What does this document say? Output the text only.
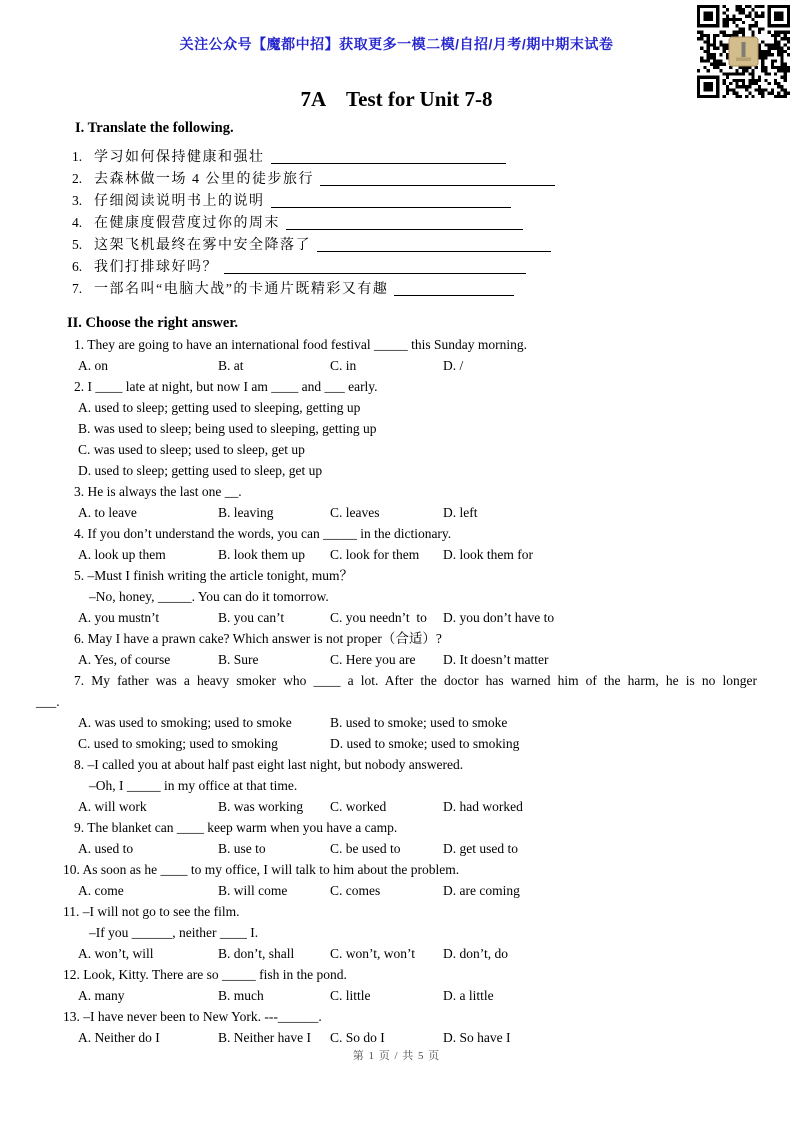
关注公众号【魔都中招】获取更多一模二模/自招/月考/期中期末试卷
7A　Test for Unit 7-8
I. Translate the following.
1. 学习如何保持健康和强壮
2. 去森林做一场 4 公里的徒步旅行
3. 仔细阅读说明书上的说明
4. 在健康度假营度过你的周末
5. 这架飞机最终在雾中安全降落了
6. 我们打排球好吗？
7. 一部名叫“电脑大战”的卡通片既精彩又有趣
II. Choose the right answer.
1. They are going to have an international food festival _____ this Sunday morning.
A. on	B. at	C. in	D. /
2. I ____ late at night, but now I am ____ and ___ early.
A. used to sleep; getting used to sleeping, getting up
B. was used to sleep; being used to sleeping, getting up
C. was used to sleep; used to sleep, get up
D. used to sleep; getting used to sleep, get up
3. He is always the last one __.
A. to leave	B. leaving	C. leaves	D. left
4. If you don’t understand the words, you can _____ in the dictionary.
A. look up them	B. look them up	C. look for them	D. look them for
5. –Must I finish writing the article tonight, mum？
–No, honey, _____. You can do it tomorrow.
A. you mustn’t	B. you can’t	C. you needn’t  to	D. you don’t have to
6. May I have a prawn cake? Which answer is not proper（合适）?
A. Yes, of course	B. Sure	C. Here you are	D. It doesn’t matter
7. My father was a heavy smoker who ____ a lot. After the doctor has warned him of the harm, he is no longer
___.
A. was used to smoking; used to smoke	B. used to smoke; used to smoke
C. used to smoking; used to smoking	D. used to smoke; used to smoking
8. –I called you at about half past eight last night, but nobody answered.
–Oh, I _____ in my office at that time.
A. will work	B. was working	C. worked	D. had worked
9. The blanket can ____ keep warm when you have a camp.
A. used to	B. use to	C. be used to	D. get used to
10. As soon as he ____ to my office, I will talk to him about the problem.
A. come	B. will come	C. comes	D. are coming
11. –I will not go to see the film.
–If you ______, neither ____ I.
A. won’t, will	B. don’t, shall	C. won’t, won’t	D. don’t, do
12. Look, Kitty. There are so _____ fish in the pond.
A. many	B. much	C. little	D. a little
13. –I have never been to New York. ---______.
A. Neither do I	B. Neither have I	C. So do I	D. So have I
第 1 页 / 共 5 页
